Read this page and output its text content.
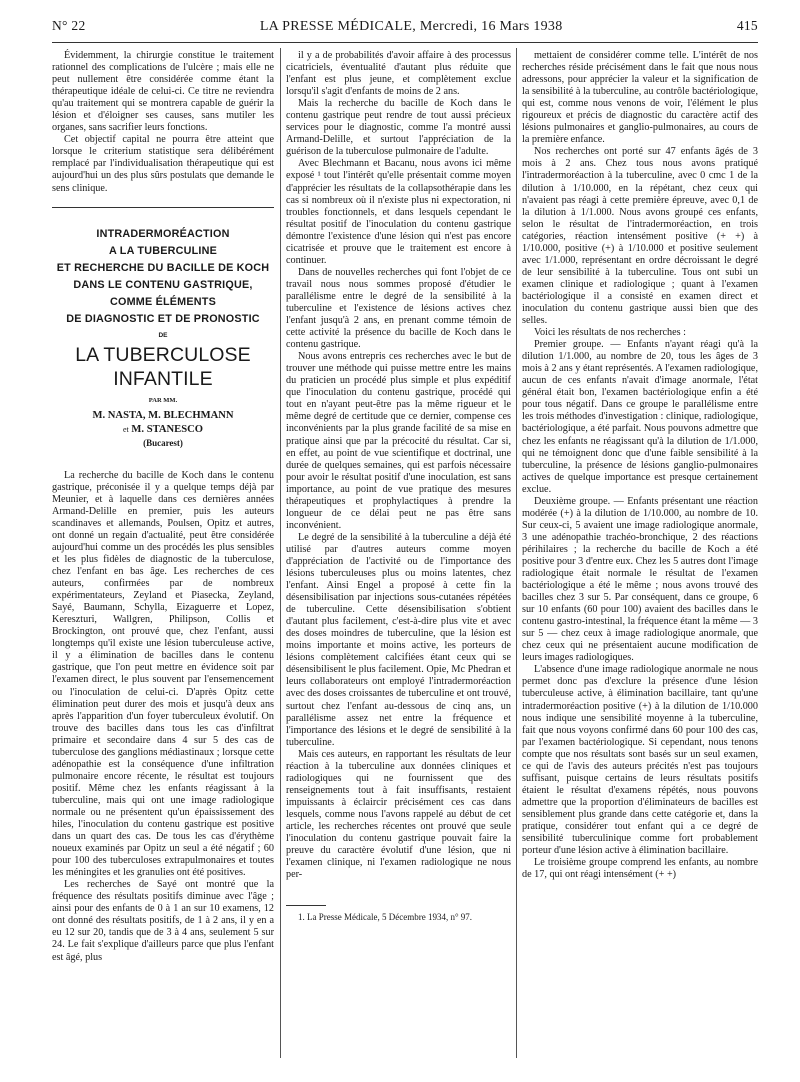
N° 22	LA PRESSE MÉDICALE, Mercredi, 16 Mars 1938	415

Évidemment, la chirurgie constitue le traitement rationnel des complications de l'ulcère ; mais elle ne peut nullement être considérée comme étant la thérapeutique idéale de celui-ci. Ce titre ne reviendra qu'au traitement qui se montrera capable de guérir la lésion et d'éloigner ses causes, sans mutiler les organes, sans sacrifier leurs fonctions.

Cet objectif capital ne pourra être atteint que lorsque le criterium statistique sera délibérément remplacé par l'individualisation thérapeutique qui est aujourd'hui un des plus sûrs postulats que demande le sens clinique.

INTRADERMORÉACTION
A LA TUBERCULINE
ET RECHERCHE DU BACILLE DE KOCH
DANS LE CONTENU GASTRIQUE,
COMME ÉLÉMENTS
DE DIAGNOSTIC ET DE PRONOSTIC
DE
LA TUBERCULOSE INFANTILE
PAR MM.
M. NASTA, M. BLECHMANN
et M. STANESCO
(Bucarest)

La recherche du bacille de Koch dans le contenu gastrique, préconisée il y a quelque temps déjà par Meunier, et à laquelle dans ces dernières années Armand-Delille en premier, puis les auteurs scandinaves et allemands, Poulsen, Opitz et autres, ont donné un regain d'actualité, peut être considérée aujourd'hui comme un des procédés les plus sensibles et les plus fidèles de diagnostic de la tuberculose, chez l'enfant en bas âge. Les recherches de ces auteurs, confirmées par de nombreux expérimentateurs, Zeyland et Piasecka, Zeyland, Sayé, Baumann, Schylla, Eizaguerre et Lopez, Kereszturi, Wallgren, Philipson, Collis et Brockington, ont prouvé que, chez l'enfant, aussi longtemps qu'il existe une lésion tuberculeuse active, il y a élimination de bacilles dans le contenu gastrique, que l'on peut mettre en évidence soit par l'examen direct, le plus souvent par l'ensemencement ou l'inoculation de celui-ci. D'après Opitz cette élimination peut durer des mois et jusqu'à deux ans après l'apparition d'un foyer tuberculeux évolutif. On trouve des bacilles dans tous les cas d'infiltrat primaire et secondaire dans 4 sur 5 des cas de tuberculose des ganglions médiastinaux ; lorsque cette adénopathie est la conséquence d'une infiltration pulmonaire encore récente, le résultat est toujours positif. Même chez les enfants réagissant à la tuberculine, mais qui ont une image radiologique normale ou ne présentent qu'un épaississement des hiles, l'inoculation du contenu gastrique est positive dans un quart des cas. De tous les cas d'érythème noueux examinés par Opitz un seul a été négatif ; 60 pour 100 des tuberculoses extrapulmonaires et toutes les méningites et les granulies ont été positives.

Les recherches de Sayé ont montré que la fréquence des résultats positifs diminue avec l'âge ; ainsi pour des enfants de 0 à 1 an sur 10 examens, 12 ont donné des résultats positifs, de 1 à 2 ans, il y en a eu 12 sur 20, tandis que de 3 à 4 ans, seulement 5 sur 24. Le fait s'explique d'ailleurs parce que plus l'enfant est âgé, plus

il y a de probabilités d'avoir affaire à des processus cicatriciels, éventualité d'autant plus réduite que l'enfant est plus jeune, et complètement exclue lorsqu'il s'agit d'enfants de moins de 2 ans.

Mais la recherche du bacille de Koch dans le contenu gastrique peut rendre de tout aussi précieux services pour le diagnostic, comme l'a montré aussi Armand-Delille, et surtout l'appréciation de la guérison de la tuberculose pulmonaire de l'adulte.

Avec Blechmann et Bacanu, nous avons ici même exposé ¹ tout l'intérêt qu'elle présentait comme moyen d'apprécier les résultats de la collapsothérapie dans les cas si nombreux où il n'existe plus ni expectoration, ni troubles fonctionnels, et dans lesquels cependant le résultat positif de l'inoculation du contenu gastrique démontre l'existence d'une lésion qui n'est pas encore cicatrisée et prouve que le traitement est encore à continuer.

Dans de nouvelles recherches qui font l'objet de ce travail nous nous sommes proposé d'étudier le parallélisme entre le degré de la sensibilité à la tuberculine et l'existence de lésions actives chez l'enfant jusqu'à 2 ans, en prenant comme témoin de cette activité la présence du bacille de Koch dans le contenu gastrique.

Nous avons entrepris ces recherches avec le but de trouver une méthode qui puisse mettre entre les mains du praticien un procédé plus simple et plus expéditif que l'inoculation du contenu gastrique, procédé qui tout en n'ayant peut-être pas la même rigueur et le même degré de certitude que ce dernier, compense ces inconvénients par la plus grande facilité de sa mise en pratique ainsi que par la précocité du résultat. Car si, en effet, au point de vue scientifique et doctrinal, une durée de quelques semaines, qui est parfois nécessaire pour avoir le résultat positif d'une inoculation, est sans importance, au point de vue pratique des mesures thérapeutiques et prophylactiques à prendre la longueur de ce délai peut ne pas être sans inconvénient.

Le degré de la sensibilité à la tuberculine a déjà été utilisé par d'autres auteurs comme moyen d'appréciation de l'activité ou de l'importance des lésions tuberculeuses plus ou moins latentes, chez l'enfant. Ainsi Engel a proposé à cette fin la désensibilisation par injections sous-cutanées répétées de tuberculine. Cette désensibilisation s'obtient d'autant plus facilement, c'est-à-dire plus vite et avec des doses moindres de tuberculine, que la lésion est moins importante et moins active, les porteurs de lésions complètement calcifiées étant ceux qui se désensibilisent le plus facilement. Opie, Mc Phedran et leurs collaborateurs ont employé l'intradermoréaction avec des doses croissantes de tuberculine et ont trouvé, surtout chez l'enfant au-dessous de cinq ans, un parallélisme assez net entre la fréquence et l'importance des lésions et le degré de sensibilité à la tuberculine.

Mais ces auteurs, en rapportant les résultats de leur réaction à la tuberculine aux données cliniques et radiologiques qui ne fournissent que des renseignements tout à fait insuffisants, restaient impuissants à éclaircir précisément ces cas dans lesquels, comme nous l'avons rappelé au début de cet article, les recherches récentes ont prouvé que seule l'inoculation du contenu gastrique pouvait faire la preuve du caractère évolutif d'une lésion, que ni l'examen clinique, ni l'examen radiologique ne nous per-

1. La Presse Médicale, 5 Décembre 1934, n° 97.

mettaient de considérer comme telle. L'intérêt de nos recherches réside précisément dans le fait que nous nous adressons, pour apprécier la valeur et la signification de la sensibilité à la tuberculine, au contrôle bactériologique, qui est, comme nous venons de voir, l'élément le plus rigoureux et précis de diagnostic du caractère actif des lésions pulmonaires et ganglio-pulmonaires, au cours de la première enfance.

Nos recherches ont porté sur 47 enfants âgés de 3 mois à 2 ans. Chez tous nous avons pratiqué l'intradermoréaction à la tuberculine, avec 0 cmc 1 de la dilution à 1/10.000, en la répétant, chez ceux qui n'avaient pas réagi à cette première épreuve, avec 0,1 de la dilution à 1/1.000. Nous avons groupé ces enfants, selon le résultat de l'intradermoréaction, en trois catégories, réaction intensément positive (+ +) à 1/10.000, positive (+) à 1/10.000 et positive seulement avec 1/1.000, représentant en ordre décroissant le degré de leur sensibilité à la tuberculine. Tous ont subi un examen clinique et radiologique ; quant à l'examen bactériologique il a consisté en examen direct et inoculation du contenu gastrique aussi bien que des selles.

Voici les résultats de nos recherches :

Premier groupe. — Enfants n'ayant réagi qu'à la dilution 1/1.000, au nombre de 20, tous les âges de 3 mois à 2 ans y étant représentés. A l'examen radiologique, aucun de ces enfants n'avait d'image anormale, l'état général était bon, l'examen bactériologique enfin a été pour tous négatif. Dans ce groupe le parallélisme entre les trois méthodes d'investigation : clinique, radiologique, bactériologique, a été parfait. Nous pouvons admettre que chez les enfants ne réagissant qu'à la dilution de 1/1.000, qui ne témoignent donc que d'une faible sensibilité à la tuberculine, la présence de lésions ganglio-pulmonaires actives de quelque importance est presque certainement exclue.

Deuxième groupe. — Enfants présentant une réaction modérée (+) à la dilution de 1/10.000, au nombre de 10. Sur ceux-ci, 5 avaient une image radiologique anormale, 3 une adénopathie trachéo-bronchique, 2 des réactions périhilaires ; la recherche du bacille de Koch a été positive pour 3 d'entre eux. Chez les 5 autres dont l'image radiologique était normale le résultat de l'examen bactériologique a été le même ; nous avons trouvé des bacilles chez 3 sur 5. Par conséquent, dans ce groupe, 6 sur 10 enfants (60 pour 100) avaient des bacilles dans le contenu gastro-intestinal, la fréquence étant la même — 3 sur 5 — chez ceux à image radiologique anormale, que chez ceux qui ne présentaient aucune modification de leurs images radiologiques.

L'absence d'une image radiologique anormale ne nous permet donc pas d'exclure la présence d'une lésion tuberculeuse active, à élimination bacillaire, tant qu'une intradermoréaction positive (+) à la dilution de 1/10.000 nous indique une sensibilité moyenne à la tuberculine, fait que nous voyons confirmé dans 60 pour 100 des cas, par l'examen bactériologique. Si cependant, nous tenons compte que nos résultats sont basés sur un seul examen, ce qui de l'avis des auteurs précités n'est pas toujours suffisant, puisque certains de leurs résultats positifs étaient le résultat d'examens répétés, nous pouvons admettre que la proportion d'éliminateurs de bacilles est sensiblement plus grande dans cette catégorie et, dans la pratique, considérer tout enfant qui a ce degré de sensibilité tuberculinique comme fort probablement porteur d'une lésion active à élimination bacillaire.

Le troisième groupe comprend les enfants, au nombre de 17, qui ont réagi intensément (+ +)
